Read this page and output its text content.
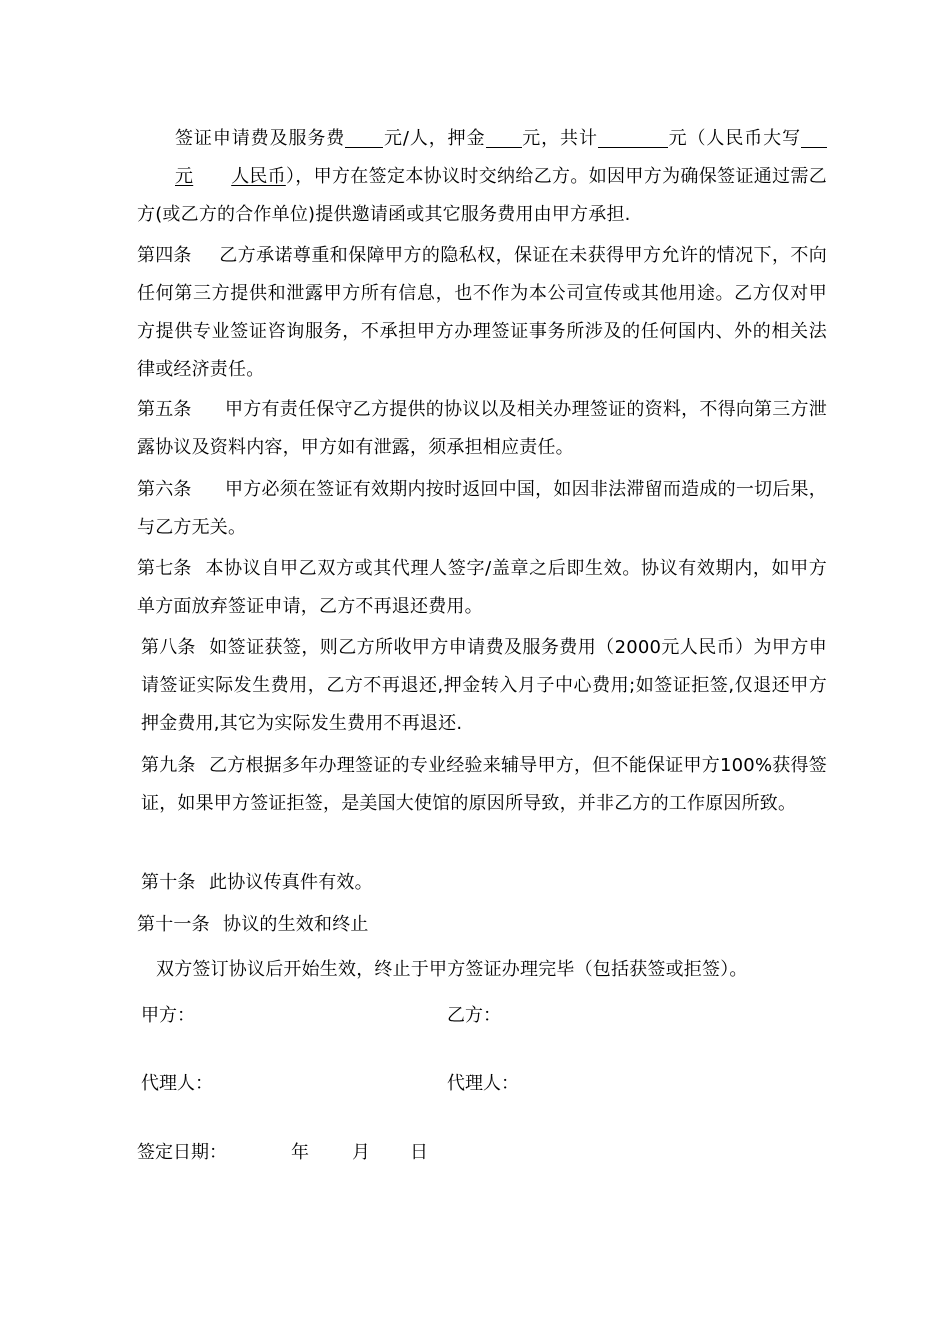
签证申请费及服务费 元/人，押金 元，共计	元（人民币大写元 人民币），甲方在签定本协议时交纳给乙方。如因甲方为确保签证通过需乙方(或乙方的合作单位)提供邀请函或其它服务费用由甲方承担.
第四条 乙方承诺尊重和保障甲方的隐私权，保证在未获得甲方允许的情况下，不向任何第三方提供和泄露甲方所有信息，也不作为本公司宣传或其他用途。乙方仅对甲方提供专业签证咨询服务，不承担甲方办理签证事务所涉及的任何国内、外的相关法律或经济责任。
第五条 甲方有责任保守乙方提供的协议以及相关办理签证的资料，不得向第三方泄露协议及资料内容，甲方如有泄露，须承担相应责任。
第六条 甲方必须在签证有效期内按时返回中国，如因非法滞留而造成的一切后果，与乙方无关。
第七条 本协议自甲乙双方或其代理人签字/盖章之后即生效。协议有效期内，如甲方单方面放弃签证申请，乙方不再退还费用。
第八条 如签证获签，则乙方所收甲方申请费及服务费用（2000元人民币）为甲方申请签证实际发生费用，乙方不再退还,押金转入月子中心费用;如签证拒签,仅退还甲方押金费用,其它为实际发生费用不再退还.
第九条 乙方根据多年办理签证的专业经验来辅导甲方，但不能保证甲方100%获得签证，如果甲方签证拒签，是美国大使馆的原因所导致，并非乙方的工作原因所致。
第十条 此协议传真件有效。
第十一条 协议的生效和终止
双方签订协议后开始生效，终止于甲方签证办理完毕（包括获签或拒签）。
甲方：	乙方：
代理人：	代理人：
签定日期：	年 月 日
